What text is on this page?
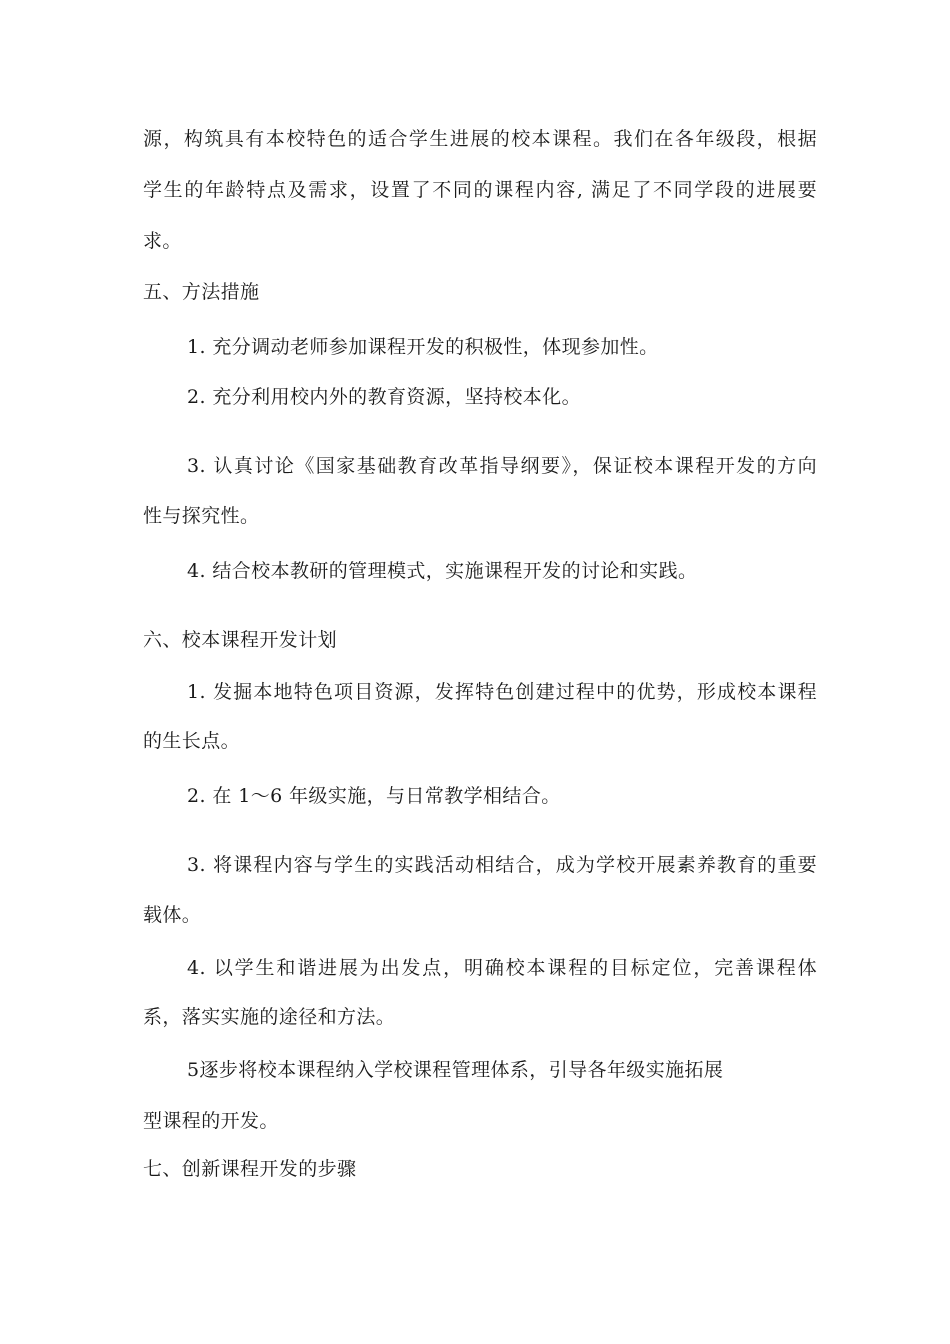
源，构筑具有本校特色的适合学生进展的校本课程。我们在各年级段，根据
学生的年龄特点及需求，设置了不同的课程内容, 满足了不同学段的进展要
求。
五、方法措施
1. 充分调动老师参加课程开发的积极性，体现参加性。
2. 充分利用校内外的教育资源，坚持校本化。
3. 认真讨论《国家基础教育改革指导纲要》，保证校本课程开发的方向
性与探究性。
4. 结合校本教研的管理模式，实施课程开发的讨论和实践。
六、校本课程开发计划
1. 发掘本地特色项目资源，发挥特色创建过程中的优势，形成校本课程
的生长点。
2. 在 1〜6 年级实施，与日常教学相结合。
3. 将课程内容与学生的实践活动相结合，成为学校开展素养教育的重要
载体。
4. 以学生和谐进展为出发点，明确校本课程的目标定位，完善课程体
系，落实实施的途径和方法。
5逐步将校本课程纳入学校课程管理体系，引导各年级实施拓展
型课程的开发。
七、创新课程开发的步骤
